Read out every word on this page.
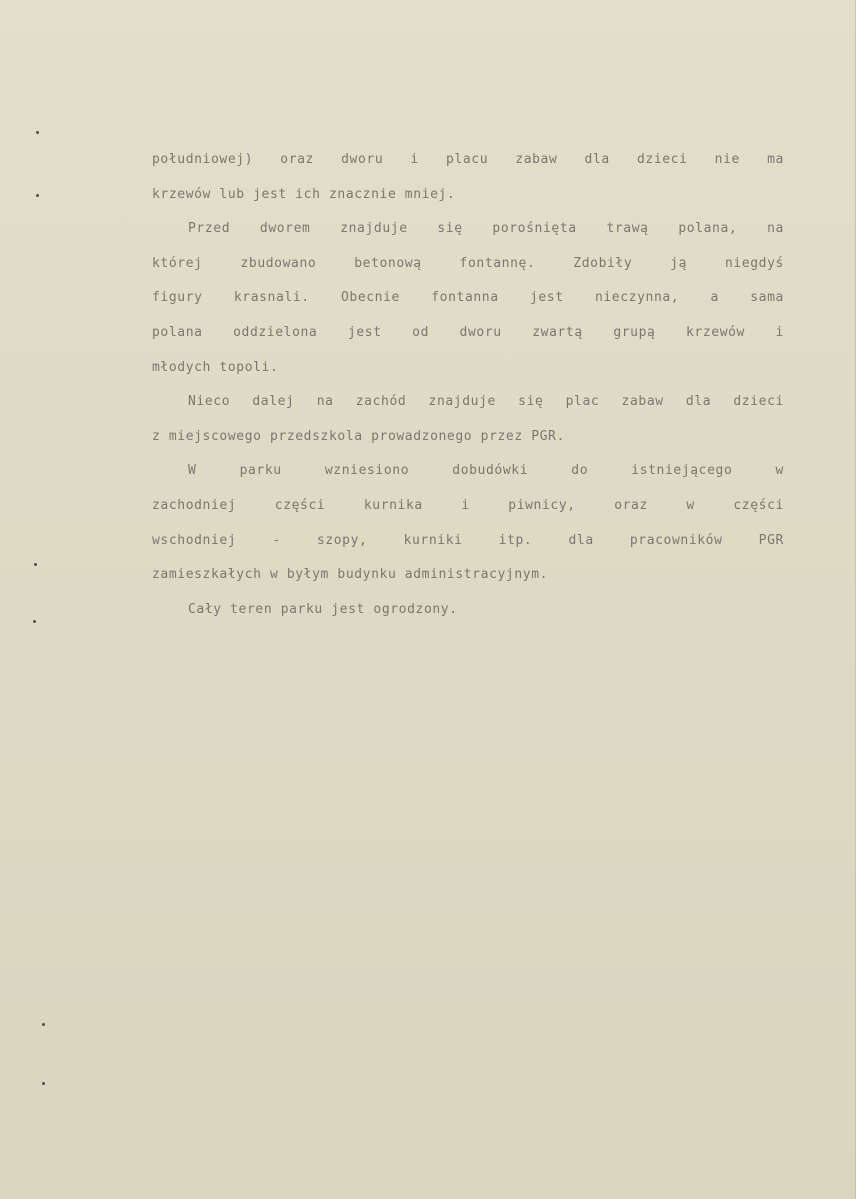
południowej) oraz dworu i placu zabaw dla dzieci nie ma
krzewów lub jest ich znacznie mniej.
Przed dworem znajduje się porośnięta trawą polana, na
której	zbudowano	betonową	fontannę.	Zdobiły	ją	niegdyś
figury krasnali. Obecnie fontanna jest nieczynna, a sama
polana oddzielona jest od dworu zwartą grupą krzewów i
młodych topoli.
Nieco dalej na zachód znajduje się plac zabaw dla dzieci
z miejscowego przedszkola prowadzonego przez PGR.
W	parku	wzniesiono	dobudówki	do	istniejącego	w
zachodniej	części	kurnika	i	piwnicy,	oraz	w	części
wschodniej	-	szopy,	kurniki	itp.	dla	pracowników	PGR
zamieszkałych w byłym budynku administracyjnym.
Cały teren parku jest ogrodzony.
